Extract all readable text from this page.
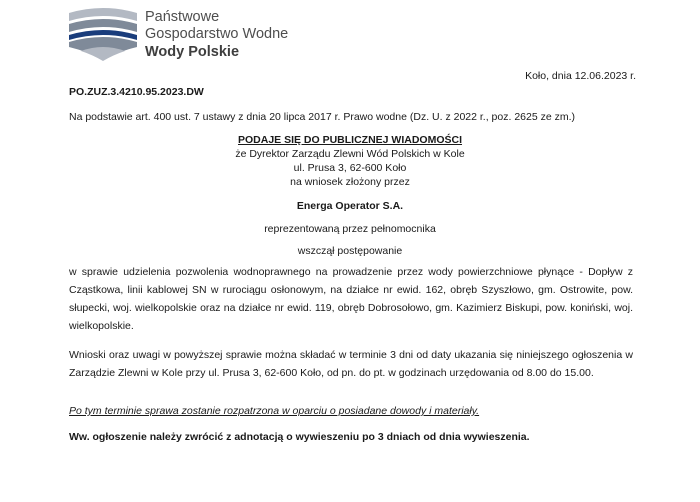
Państwowe
Gospodarstwo Wodne
Wody Polskie
Koło, dnia 12.06.2023 r.
PO.ZUZ.3.4210.95.2023.DW
Na podstawie art. 400 ust. 7 ustawy z dnia 20 lipca 2017 r. Prawo wodne (Dz. U. z 2022 r., poz. 2625 ze zm.)
PODAJE SIĘ DO PUBLICZNEJ WIADOMOŚCI
że Dyrektor Zarządu Zlewni Wód Polskich w Kole
ul. Prusa 3, 62-600 Koło
na wniosek złożony przez
Energa Operator S.A.
reprezentowaną przez pełnomocnika
wszczął postępowanie
w sprawie udzielenia pozwolenia wodnoprawnego na prowadzenie przez wody powierzchniowe płynące - Dopływ z Cząstkowa, linii kablowej SN w rurociągu osłonowym, na działce nr ewid. 162, obręb Szyszłowo, gm. Ostrowite, pow. słupecki, woj. wielkopolskie oraz na działce nr ewid. 119, obręb Dobrosołowo, gm. Kazimierz Biskupi, pow. koniński, woj. wielkopolskie.
Wnioski oraz uwagi w powyższej sprawie można składać w terminie 3 dni od daty ukazania się niniejszego ogłoszenia w Zarządzie Zlewni w Kole przy ul. Prusa 3, 62-600 Koło, od pn. do pt. w godzinach urzędowania od 8.00 do 15.00.
Po tym terminie sprawa zostanie rozpatrzona w oparciu o posiadane dowody i materiały.
Ww. ogłoszenie należy zwrócić z adnotacją o wywieszeniu po 3 dniach od dnia wywieszenia.
